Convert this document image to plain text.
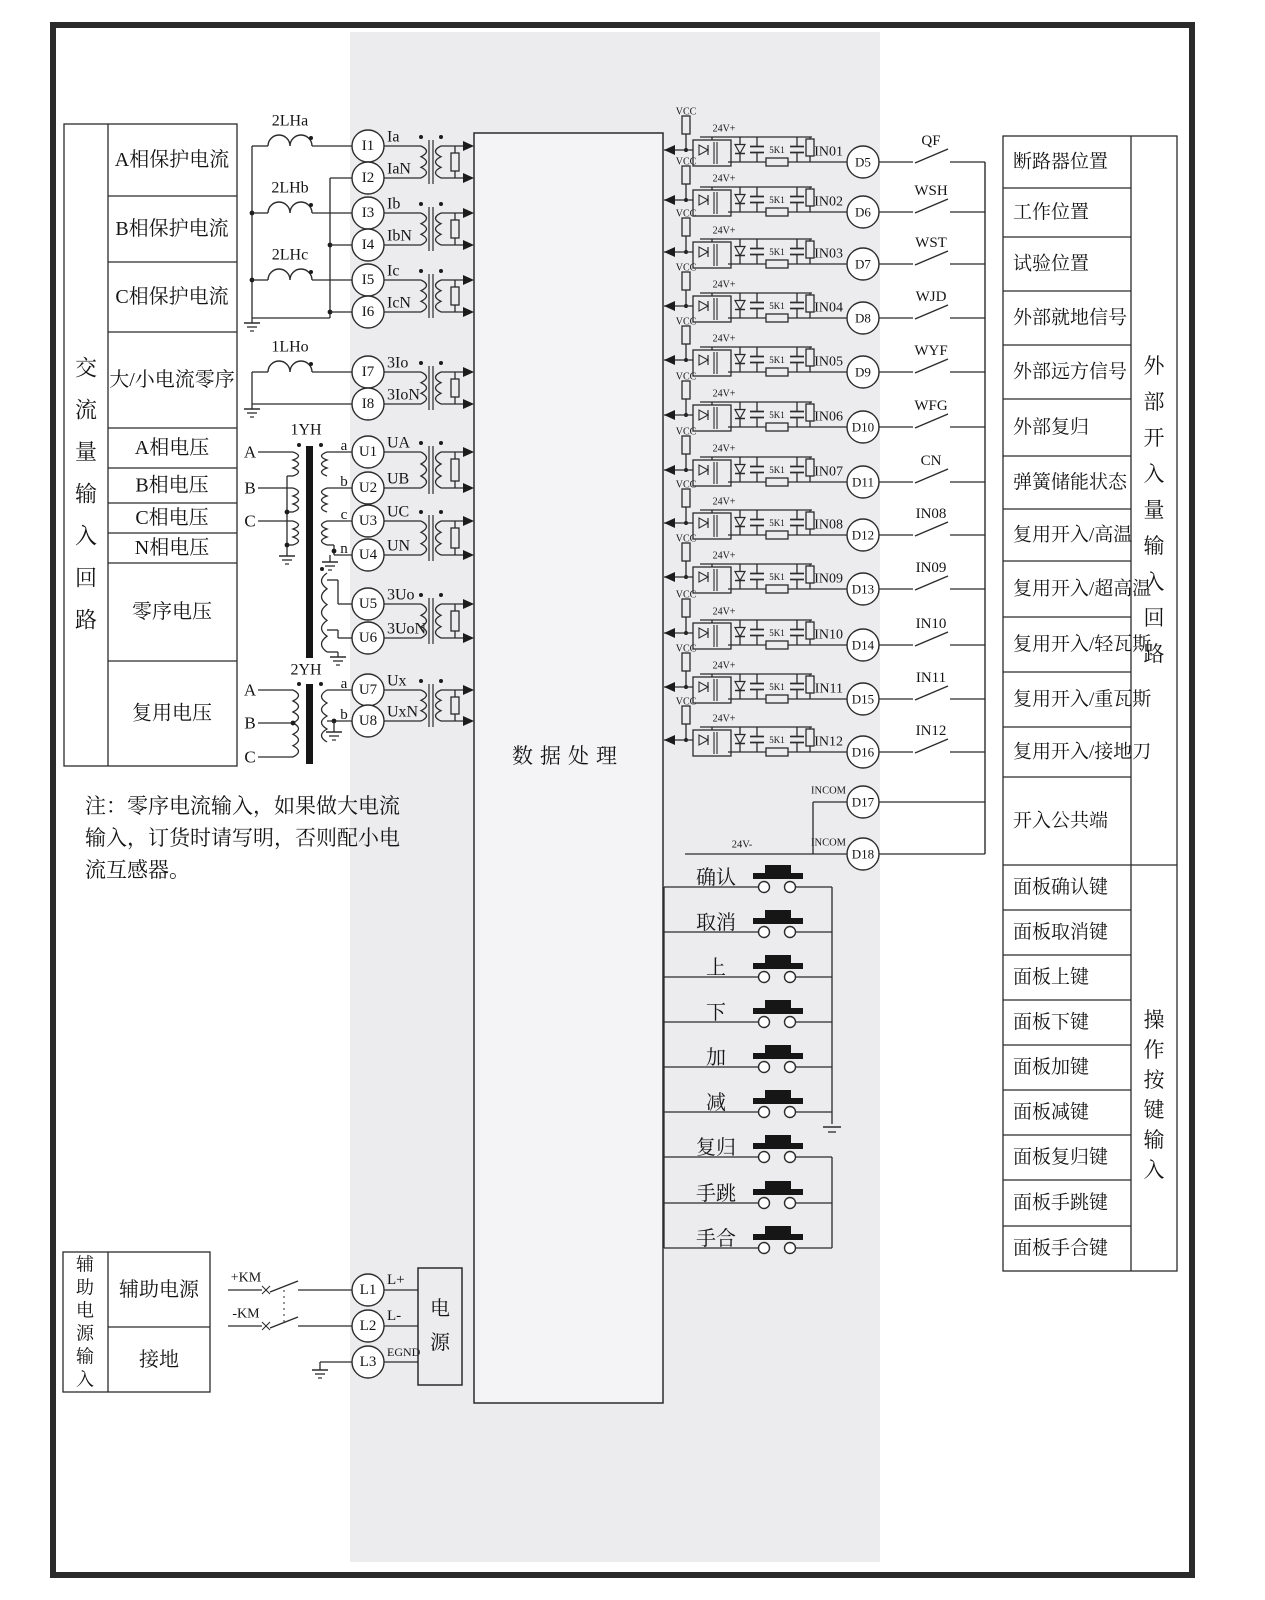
数据处理
A相保护电流
B相保护电流
C相保护电流
大/小电流零序
A相电压
B相电压
C相电压
N相电压
零序电压
复用电压
交
流
量
输
入
回
路
断路器位置
工作位置
试验位置
外部就地信号
外部远方信号
外部复归
弹簧储能状态
复用开入/高温
复用开入/超高温
复用开入/轻瓦斯
复用开入/重瓦斯
复用开入/接地刀
开入公共端
面板确认键
面板取消键
面板上键
面板下键
面板加键
面板减键
面板复归键
面板手跳键
面板手合键
外
部
开
入
量
输
入
回
路
操
作
按
键
输
入
注：零序电流输入，如果做大电流
输入，订货时请写明，否则配小电
流互感器。
2LHa
I1
Ia
I2
IaN
2LHb
I3
Ib
I4
IbN
2LHc
I5
Ic
I6
IcN
1LHo
I7
3Io
I8
3IoN
1YH
A
B
C
a
b
c
n
U1
UA
U2
UB
U3
UC
U4
UN
U5
3Uo
U6
3UoN
2YH
A
B
C
a
b
U7
Ux
U8
UxN
VCC
24V+
5K1 IN01
D5
QF
VCC
24V+
5K1 IN02
D6
WSH
VCC
24V+
5K1 IN03
D7
WST
VCC
24V+
5K1 IN04
D8
WJD
VCC
24V+
5K1 IN05
D9
WYF
VCC
24V+
5K1 IN06
D10
WFG
VCC
24V+
5K1 IN07
D11
CN
VCC
24V+
5K1 IN08
D12
IN08
VCC
24V+
5K1 IN09
D13
IN09
VCC
24V+
5K1 IN10
D14
IN10
VCC
24V+
5K1 IN11
D15
IN11
VCC
24V+
5K1 IN12
D16
IN12
INCOM
D17
INCOM
D18
24V-
确认
取消
上
下
加
减
复归
手跳
手合
辅助电源
接地
辅
助
电
源
输
入
+KM
-KM
L1
L+
L2
L-
L3
EGND
电
源
